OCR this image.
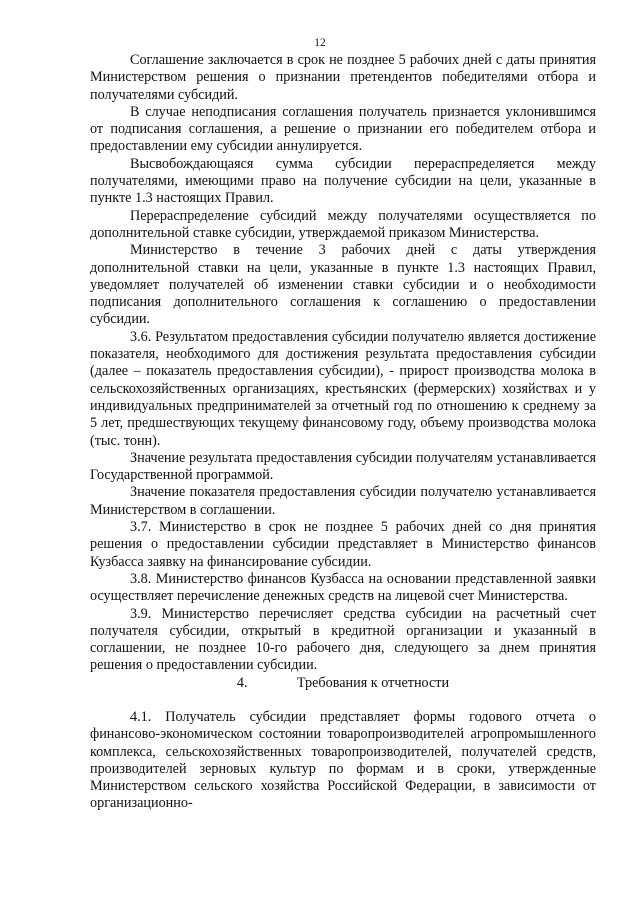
12

Соглашение заключается в срок не позднее 5 рабочих дней с даты принятия Министерством решения о признании претендентов победителями отбора и получателями субсидий.

В случае неподписания соглашения получатель признается уклонившимся от подписания соглашения, а решение о признании его победителем отбора и предоставлении ему субсидии аннулируется.

Высвобождающаяся сумма субсидии перераспределяется между получателями, имеющими право на получение субсидии на цели, указанные в пункте 1.3 настоящих Правил.

Перераспределение субсидий между получателями осуществляется по дополнительной ставке субсидии, утверждаемой приказом Министерства.

Министерство в течение 3 рабочих дней с даты утверждения дополнительной ставки на цели, указанные в пункте 1.3 настоящих Правил, уведомляет получателей об изменении ставки субсидии и о необходимости подписания дополнительного соглашения к соглашению о предоставлении субсидии.

3.6. Результатом предоставления субсидии получателю является достижение показателя, необходимого для достижения результата предоставления субсидии (далее – показатель предоставления субсидии), - прирост производства молока в сельскохозяйственных организациях, крестьянских (фермерских) хозяйствах и у индивидуальных предпринимателей за отчетный год по отношению к среднему за 5 лет, предшествующих текущему финансовому году, объему производства молока (тыс. тонн).

Значение результата предоставления субсидии получателям устанавливается Государственной программой.

Значение показателя предоставления субсидии получателю устанавливается Министерством в соглашении.

3.7. Министерство в срок не позднее 5 рабочих дней со дня принятия решения о предоставлении субсидии представляет в Министерство финансов Кузбасса заявку на финансирование субсидии.

3.8. Министерство финансов Кузбасса на основании представленной заявки осуществляет перечисление денежных средств на лицевой счет Министерства.

3.9. Министерство перечисляет средства субсидии на расчетный счет получателя субсидии, открытый в кредитной организации и указанный в соглашении, не позднее 10-го рабочего дня, следующего за днем принятия решения о предоставлении субсидии.

4.	Требования к отчетности

4.1. Получатель субсидии представляет формы годового отчета о финансово-экономическом состоянии товаропроизводителей агропромышленного комплекса, сельскохозяйственных товаропроизводителей, получателей средств, производителей зерновых культур по формам и в сроки, утвержденные Министерством сельского хозяйства Российской Федерации, в зависимости от организационно-
